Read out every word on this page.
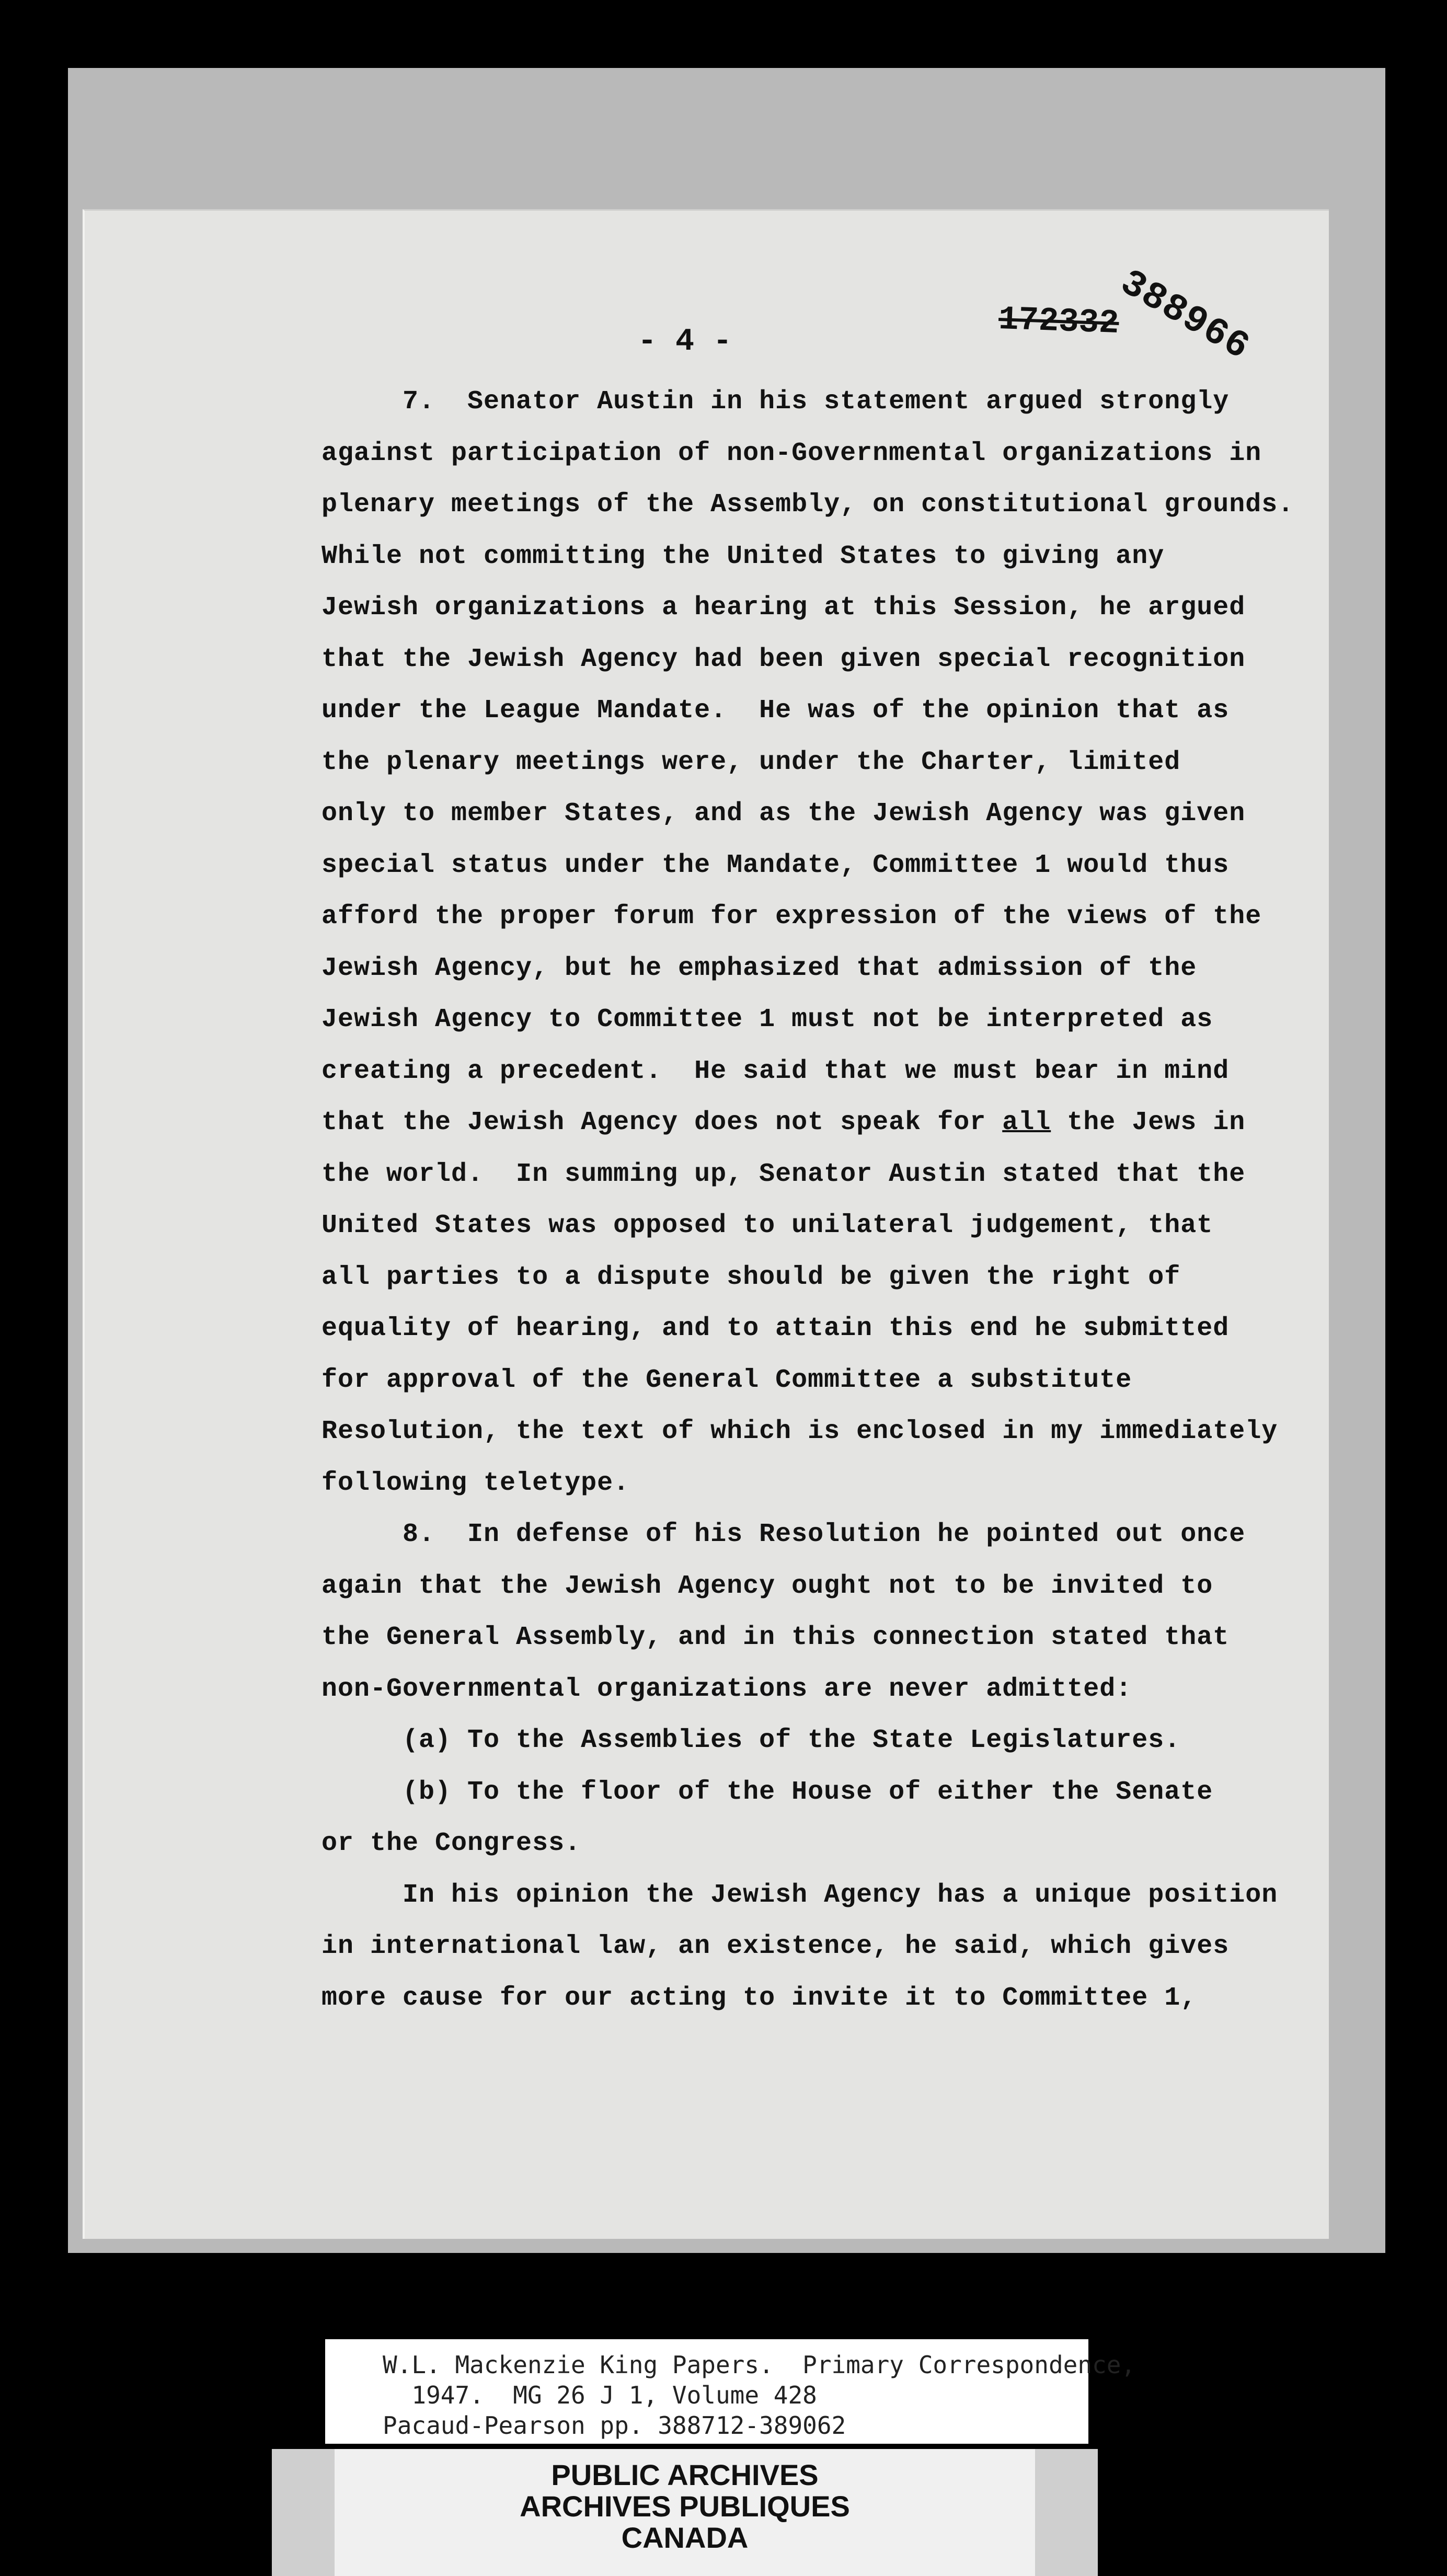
- 4 -	172332
388966
7.  Senator Austin in his statement argued strongly
against participation of non-Governmental organizations in
plenary meetings of the Assembly, on constitutional grounds.
While not committing the United States to giving any
Jewish organizations a hearing at this Session, he argued
that the Jewish Agency had been given special recognition
under the League Mandate.  He was of the opinion that as
the plenary meetings were, under the Charter, limited
only to member States, and as the Jewish Agency was given
special status under the Mandate, Committee 1 would thus
afford the proper forum for expression of the views of the
Jewish Agency, but he emphasized that admission of the
Jewish Agency to Committee 1 must not be interpreted as
creating a precedent.  He said that we must bear in mind
that the Jewish Agency does not speak for all the Jews in
the world.  In summing up, Senator Austin stated that the
United States was opposed to unilateral judgement, that
all parties to a dispute should be given the right of
equality of hearing, and to attain this end he submitted
for approval of the General Committee a substitute
Resolution, the text of which is enclosed in my immediately
following teletype.
8.  In defense of his Resolution he pointed out once
again that the Jewish Agency ought not to be invited to
the General Assembly, and in this connection stated that
non-Governmental organizations are never admitted:
(a) To the Assemblies of the State Legislatures.
(b) To the floor of the House of either the Senate
or the Congress.
In his opinion the Jewish Agency has a unique position
in international law, an existence, he said, which gives
more cause for our acting to invite it to Committee 1,

W.L. Mackenzie King Papers.  Primary Correspondence,

1947.  MG 26 J 1, Volume 428

Pacaud-Pearson pp. 388712-389062

PUBLIC ARCHIVES
ARCHIVES PUBLIQUES
CANADA
